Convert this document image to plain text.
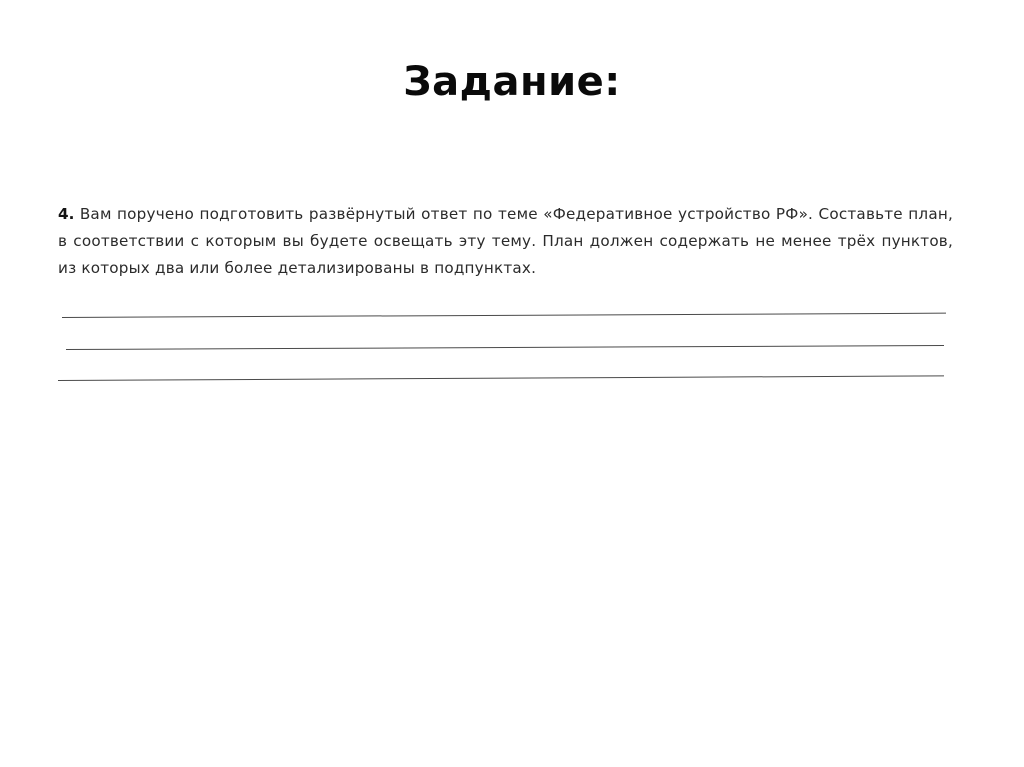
Задание:

4. Вам поручено подготовить развёрнутый ответ по теме «Федеративное устройство РФ». Составьте план, в соответствии с которым вы будете освещать эту тему. План должен содержать не менее трёх пунктов, из которых два или более детализированы в подпунктах.
